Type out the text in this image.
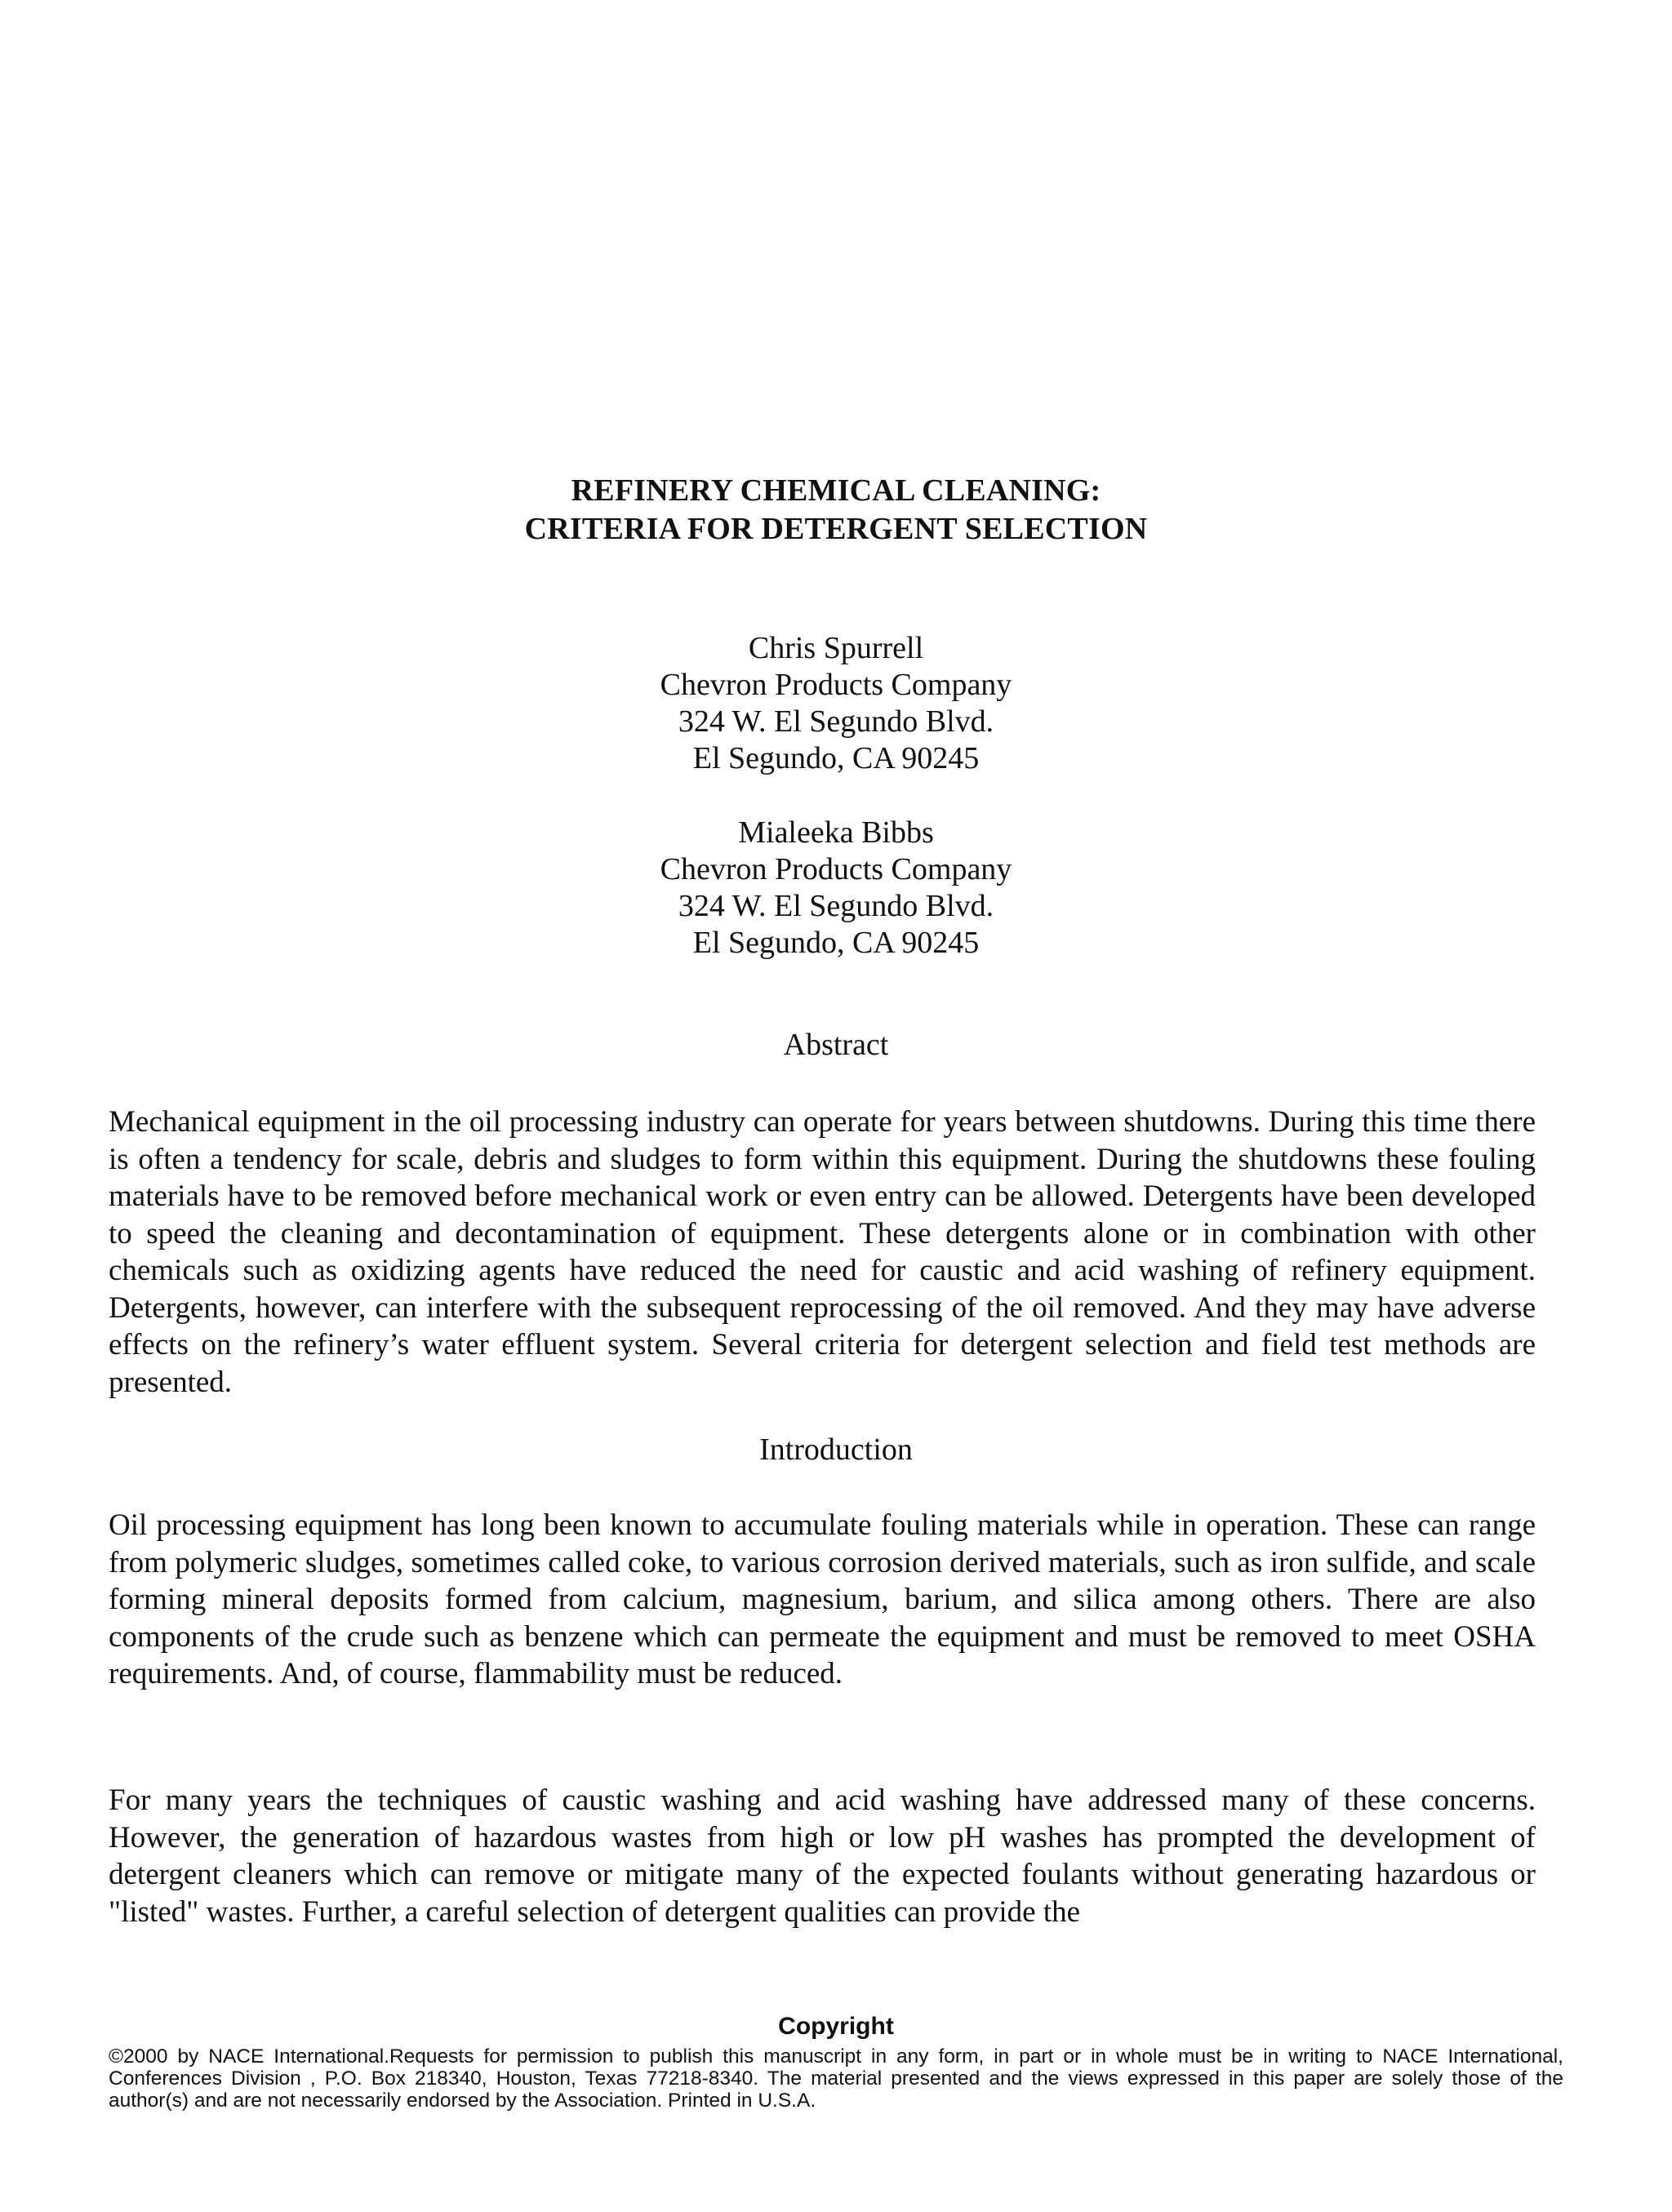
REFINERY CHEMICAL CLEANING:
CRITERIA FOR DETERGENT SELECTION
Chris Spurrell
Chevron Products Company
324 W. El Segundo Blvd.
El Segundo, CA 90245
Mialeeka Bibbs
Chevron Products Company
324 W. El Segundo Blvd.
El Segundo, CA 90245
Abstract

Mechanical equipment in the oil processing industry can operate for years between shutdowns. During this time there is often a tendency for scale, debris and sludges to form within this equipment. During the shutdowns these fouling materials have to be removed before mechanical work or even entry can be allowed. Detergents have been developed to speed the cleaning and decontamination of equipment. These detergents alone or in combination with other chemicals such as oxidizing agents have reduced the need for caustic and acid washing of refinery equipment. Detergents, however, can interfere with the subsequent reprocessing of the oil removed. And they may have adverse effects on the refinery’s water effluent system. Several criteria for detergent selection and field test methods are presented.

Introduction

Oil processing equipment has long been known to accumulate fouling materials while in operation. These can range from polymeric sludges, sometimes called coke, to various corrosion derived materials, such as iron sulfide, and scale forming mineral deposits formed from calcium, magnesium, barium, and silica among others. There are also components of the crude such as benzene which can permeate the equipment and must be removed to meet OSHA requirements. And, of course, flammability must be reduced.

For many years the techniques of caustic washing and acid washing have addressed many of these concerns. However, the generation of hazardous wastes from high or low pH washes has prompted the development of detergent cleaners which can remove or mitigate many of the expected foulants without generating hazardous or "listed" wastes. Further, a careful selection of detergent qualities can provide the

Copyright
©2000 by NACE International.Requests for permission to publish this manuscript in any form, in part or in whole must be in writing to NACE International, Conferences Division , P.O. Box 218340, Houston, Texas 77218-8340. The material presented and the views expressed in this paper are solely those of the author(s) and are not necessarily endorsed by the Association. Printed in U.S.A.
